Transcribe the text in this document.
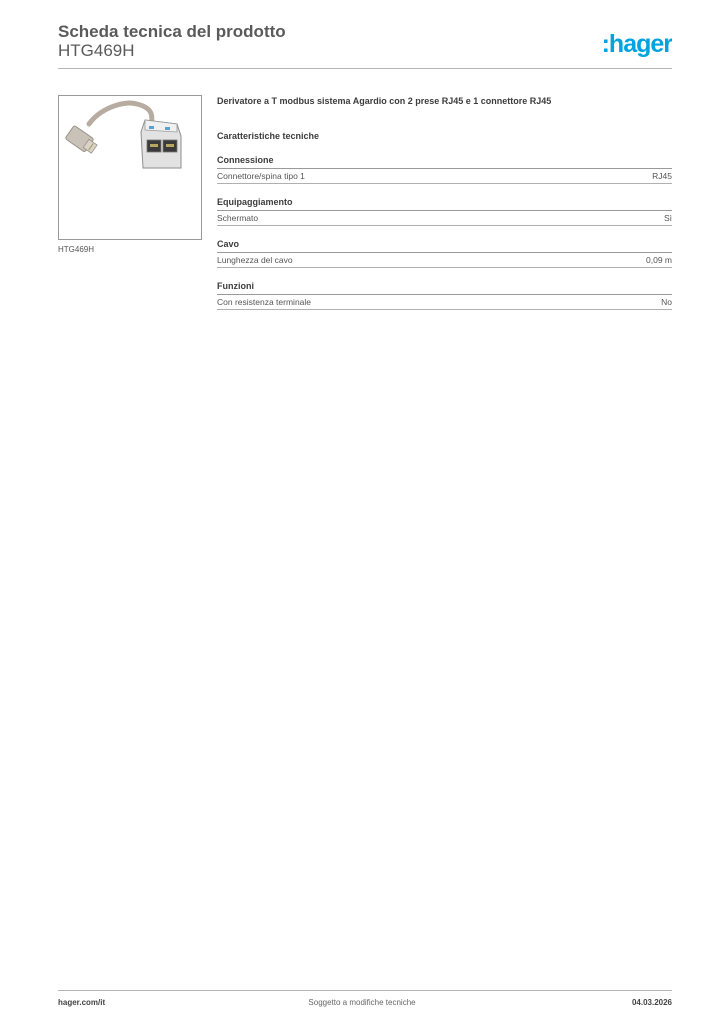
Scheda tecnica del prodotto
HTG469H	:hager
HTG469H
Derivatore a T modbus sistema Agardio con 2 prese RJ45 e 1 connettore RJ45
Caratteristiche tecniche
Connessione
Connettore/spina tipo 1	RJ45
Equipaggiamento
Schermato	Sì
Cavo
Lunghezza del cavo	0,09 m
Funzioni
Con resistenza terminale	No
hager.com/it	Soggetto a modifiche tecniche	04.03.2026
